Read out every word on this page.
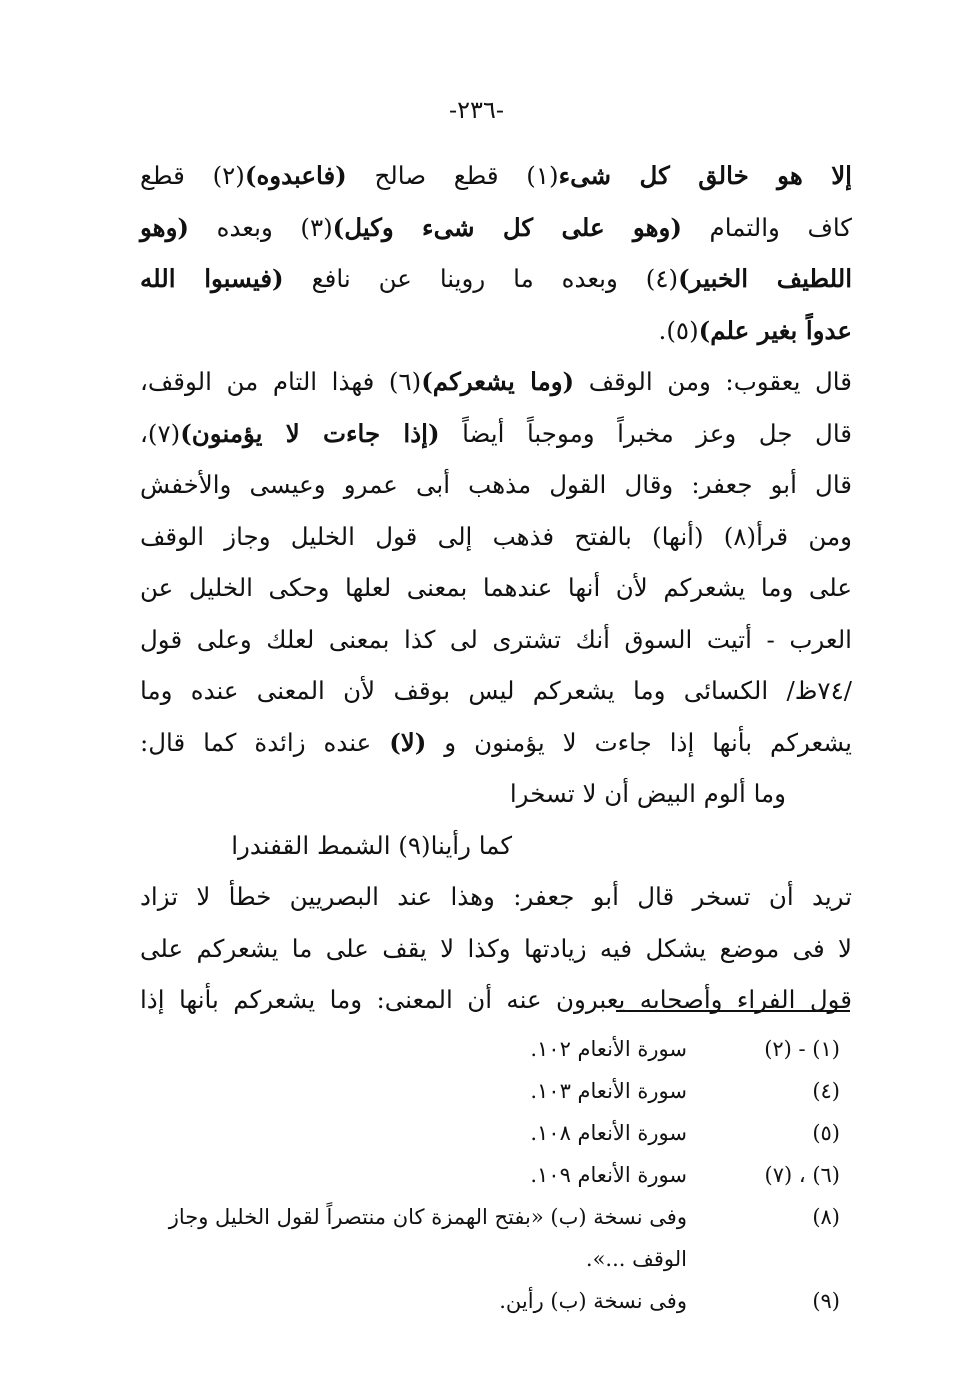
-٢٣٦-
إلا هو خالق كل شىء(١) قطع صالح (فاعبدوه)(٢) قطع
كاف والتمام (وهو على كل شىء وكيل)(٣) وبعده (وهو
اللطيف الخبير)(٤) وبعده ما روينا عن نافع (فيسبوا الله
عدواً بغير علم)(٥).
قال يعقوب: ومن الوقف (وما يشعركم)(٦) فهذا التام من الوقف،
قال جل وعز مخبراً وموجباً أيضاً (إذا جاءت لا يؤمنون)(٧)،
قال أبو جعفر: وقال القول مذهب أبى عمرو وعيسى والأخفش
ومن قرأ(٨) (أنها) بالفتح فذهب إلى قول الخليل وجاز الوقف
على وما يشعركم لأن أنها عندهما بمعنى لعلها وحكى الخليل عن
العرب - أتيت السوق أنك تشترى لى كذا بمعنى لعلك وعلى قول
/٧٤ظ/ الكسائى وما يشعركم ليس بوقف لأن المعنى عنده وما
يشعركم بأنها إذا جاءت لا يؤمنون و (لا) عنده زائدة كما قال:
وما ألوم البيض أن لا تسخرا
كما رأينا(٩) الشمط القفندرا
تريد أن تسخر قال أبو جعفر: وهذا عند البصريين خطأ لا تزاد
لا فى موضع يشكل فيه زيادتها وكذا لا يقف على ما يشعركم على
قول الفراء وأصحابه يعبرون عنه أن المعنى: وما يشعركم بأنها إذا
(١) - (٢)
سورة الأنعام ١٠٢.
(٤)
سورة الأنعام ١٠٣.
(٥)
سورة الأنعام ١٠٨.
(٦) ، (٧)
سورة الأنعام ١٠٩.
(٨)
وفى نسخة (ب) «بفتح الهمزة كان منتصراً لقول الخليل وجاز الوقف ...».
(٩)
وفى نسخة (ب) رأين.
